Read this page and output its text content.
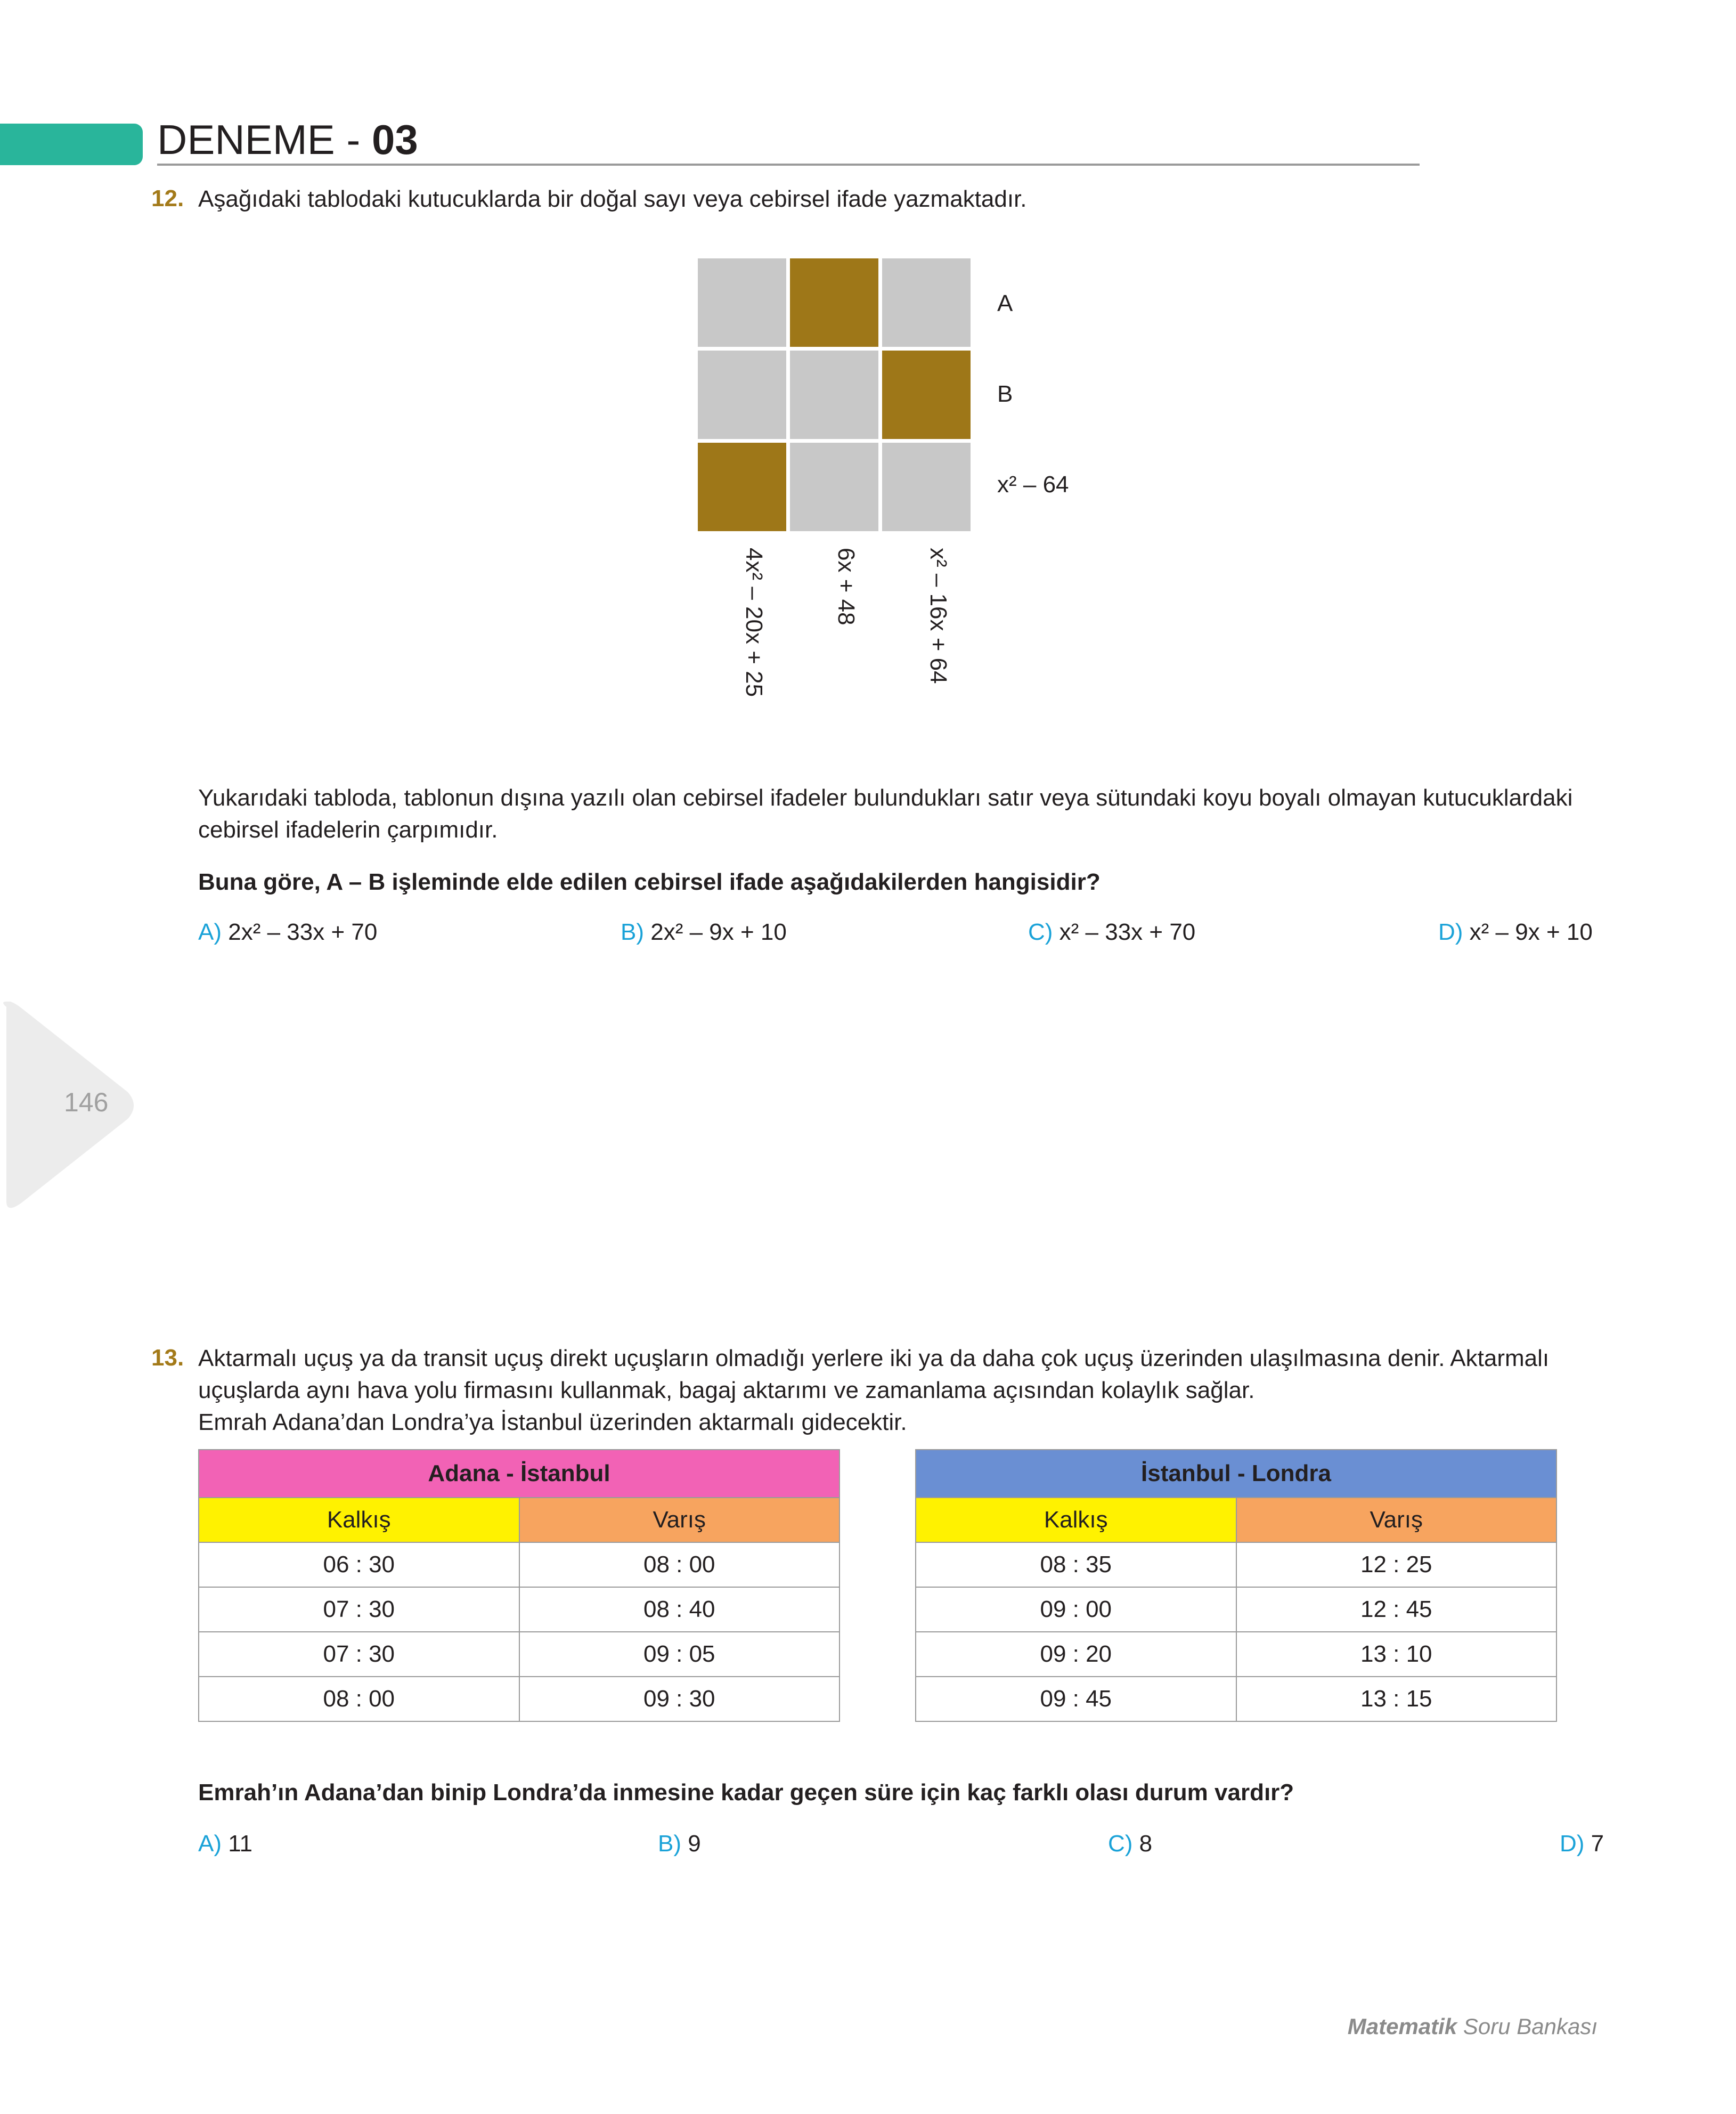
DENEME - 03
146
12. Aşağıdaki tablodaki kutucuklarda bir doğal sayı veya cebirsel ifade yazmaktadır.
A
B
x² – 64
4x² – 20x + 25	6x + 48	x² – 16x + 64
Yukarıdaki tabloda, tablonun dışına yazılı olan cebirsel ifadeler bulundukları satır veya sütundaki koyu boyalı olmayan kutucuklardaki cebirsel ifadelerin çarpımıdır.
Buna göre, A – B işleminde elde edilen cebirsel ifade aşağıdakilerden hangisidir?
A) 2x² – 33x + 70	B) 2x² – 9x + 10	C) x² – 33x + 70	D) x² – 9x + 10
13. Aktarmalı uçuş ya da transit uçuş direkt uçuşların olmadığı yerlere iki ya da daha çok uçuş üzerinden ulaşılmasına denir. Aktarmalı uçuşlarda aynı hava yolu firmasını kullanmak, bagaj aktarımı ve zamanlama açısından kolaylık sağlar.
Emrah Adana’dan Londra’ya İstanbul üzerinden aktarmalı gidecektir.
Adana - İstanbul	
Kalkış	Varış
06 : 30	08 : 00
07 : 30	08 : 40
07 : 30	09 : 05
08 : 00	09 : 30
İstanbul - Londra	
Kalkış	Varış
08 : 35	12 : 25
09 : 00	12 : 45
09 : 20	13 : 10
09 : 45	13 : 15
Emrah’ın Adana’dan binip Londra’da inmesine kadar geçen süre için kaç farklı olası durum vardır?
A) 11	B) 9	C) 8	D) 7
Matematik Soru Bankası
